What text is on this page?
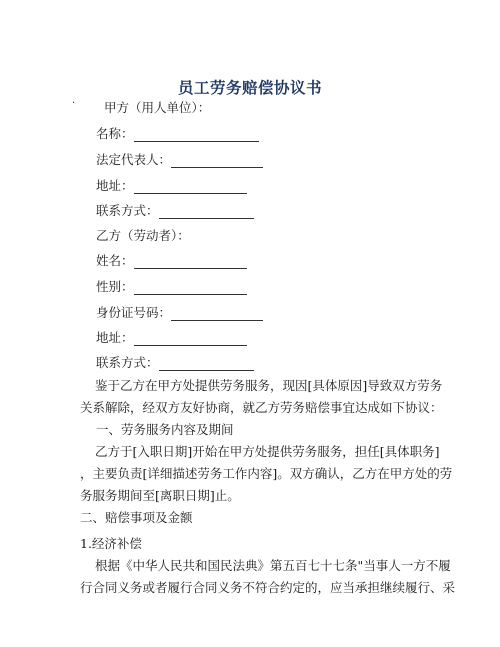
员工劳务赔偿协议书
· 甲方（用人单位）：
名称：
法定代表人：
地址：
联系方式：
乙方（劳动者）：
姓名：
性别：
身份证号码：
地址：
联系方式：
鉴于乙方在甲方处提供劳务服务，现因[具体原因]导致双方劳务
关系解除，经双方友好协商，就乙方劳务赔偿事宜达成如下协议：
一、劳务服务内容及期间
乙方于[入职日期]开始在甲方处提供劳务服务，担任[具体职务]
，主要负责[详细描述劳务工作内容]。双方确认，乙方在甲方处的劳
务服务期间至[离职日期]止。
二、赔偿事项及金额
1.经济补偿
根据《中华人民共和国民法典》第五百七十七条"当事人一方不履
行合同义务或者履行合同义务不符合约定的，应当承担继续履行、采
